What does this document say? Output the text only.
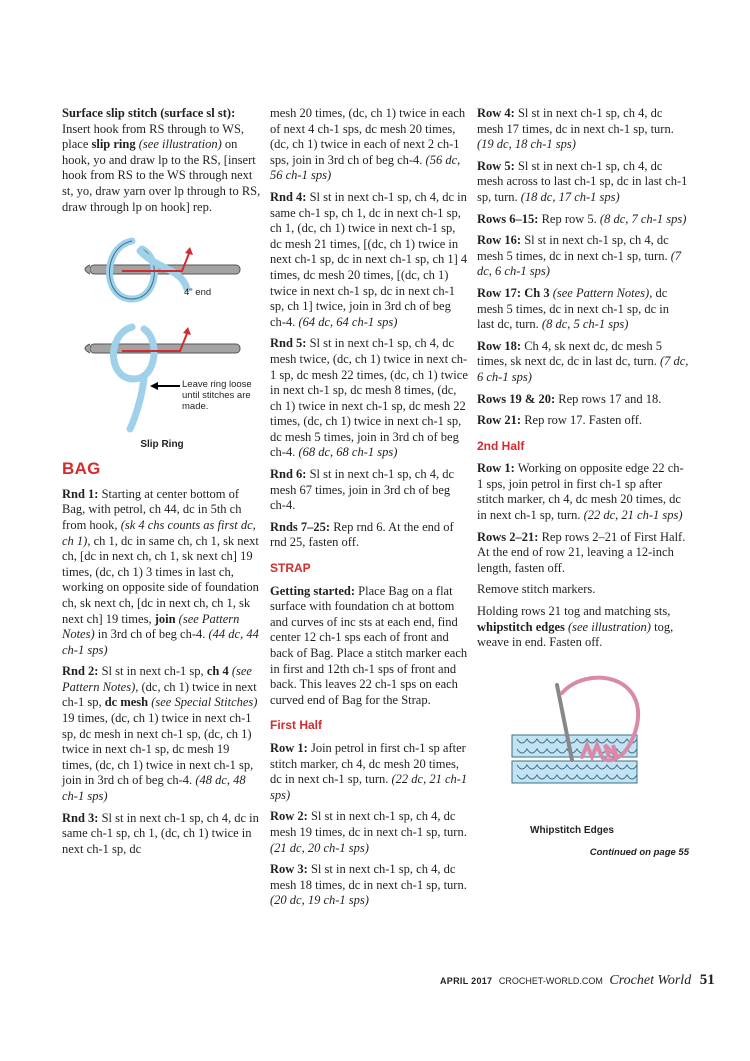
Surface slip stitch (surface sl st): Insert hook from RS through to WS, place slip ring (see illustration) on hook, yo and draw lp to the RS, [insert hook from RS to the WS through next st, yo, draw yarn over lp through to RS, draw through lp on hook] rep.

4" end
Leave ring loose until stitches are made.
Slip Ring
BAG

Rnd 1: Starting at center bottom of Bag, with petrol, ch 44, dc in 5th ch from hook, (sk 4 chs counts as first dc, ch 1), ch 1, dc in same ch, ch 1, sk next ch, [dc in next ch, ch 1, sk next ch] 19 times, (dc, ch 1) 3 times in last ch, working on opposite side of foundation ch, sk next ch, [dc in next ch, ch 1, sk next ch] 19 times, join (see Pattern Notes) in 3rd ch of beg ch-4. (44 dc, 44 ch-1 sps)

Rnd 2: Sl st in next ch-1 sp, ch 4 (see Pattern Notes), (dc, ch 1) twice in next ch-1 sp, dc mesh (see Special Stitches) 19 times, (dc, ch 1) twice in next ch-1 sp, dc mesh in next ch-1 sp, (dc, ch 1) twice in next ch-1 sp, dc mesh 19 times, (dc, ch 1) twice in next ch-1 sp, join in 3rd ch of beg ch-4. (48 dc, 48 ch-1 sps)

Rnd 3: Sl st in next ch-1 sp, ch 4, dc in same ch-1 sp, ch 1, (dc, ch 1) twice in next ch-1 sp, dc

mesh 20 times, (dc, ch 1) twice in each of next 4 ch-1 sps, dc mesh 20 times, (dc, ch 1) twice in each of next 2 ch-1 sps, join in 3rd ch of beg ch-4. (56 dc, 56 ch-1 sps)

Rnd 4: Sl st in next ch-1 sp, ch 4, dc in same ch-1 sp, ch 1, dc in next ch-1 sp, ch 1, (dc, ch 1) twice in next ch-1 sp, dc mesh 21 times, [(dc, ch 1) twice in next ch-1 sp, dc in next ch-1 sp, ch 1] 4 times, dc mesh 20 times, [(dc, ch 1) twice in next ch-1 sp, dc in next ch-1 sp, ch 1] twice, join in 3rd ch of beg ch-4. (64 dc, 64 ch-1 sps)

Rnd 5: Sl st in next ch-1 sp, ch 4, dc mesh twice, (dc, ch 1) twice in next ch-1 sp, dc mesh 22 times, (dc, ch 1) twice in next ch-1 sp, dc mesh 8 times, (dc, ch 1) twice in next ch-1 sp, dc mesh 22 times, (dc, ch 1) twice in next ch-1 sp, dc mesh 5 times, join in 3rd ch of beg ch-4. (68 dc, 68 ch-1 sps)

Rnd 6: Sl st in next ch-1 sp, ch 4, dc mesh 67 times, join in 3rd ch of beg ch-4.

Rnds 7–25: Rep rnd 6. At the end of rnd 25, fasten off.

STRAP

Getting started: Place Bag on a flat surface with foundation ch at bottom and curves of inc sts at each end, find center 12 ch-1 sps each of front and back of Bag. Place a stitch marker each in first and 12th ch-1 sps of front and back. This leaves 22 ch-1 sps on each curved end of Bag for the Strap.

First Half

Row 1: Join petrol in first ch-1 sp after stitch marker, ch 4, dc mesh 20 times, dc in next ch-1 sp, turn. (22 dc, 21 ch-1 sps)

Row 2: Sl st in next ch-1 sp, ch 4, dc mesh 19 times, dc in next ch-1 sp, turn. (21 dc, 20 ch-1 sps)

Row 3: Sl st in next ch-1 sp, ch 4, dc mesh 18 times, dc in next ch-1 sp, turn. (20 dc, 19 ch-1 sps)

Row 4: Sl st in next ch-1 sp, ch 4, dc mesh 17 times, dc in next ch-1 sp, turn. (19 dc, 18 ch-1 sps)

Row 5: Sl st in next ch-1 sp, ch 4, dc mesh across to last ch-1 sp, dc in last ch-1 sp, turn. (18 dc, 17 ch-1 sps)

Rows 6–15: Rep row 5. (8 dc, 7 ch-1 sps)

Row 16: Sl st in next ch-1 sp, ch 4, dc mesh 5 times, dc in next ch-1 sp, turn. (7 dc, 6 ch-1 sps)

Row 17: Ch 3 (see Pattern Notes), dc mesh 5 times, dc in next ch-1 sp, dc in last dc, turn. (8 dc, 5 ch-1 sps)

Row 18: Ch 4, sk next dc, dc mesh 5 times, sk next dc, dc in last dc, turn. (7 dc, 6 ch-1 sps)

Rows 19 & 20: Rep rows 17 and 18.

Row 21: Rep row 17. Fasten off.

2nd Half

Row 1: Working on opposite edge 22 ch-1 sps, join petrol in first ch-1 sp after stitch marker, ch 4, dc mesh 20 times, dc in next ch-1 sp, turn. (22 dc, 21 ch-1 sps)

Rows 2–21: Rep rows 2–21 of First Half. At the end of row 21, leaving a 12-inch length, fasten off.

Remove stitch markers.

Holding rows 21 tog and matching sts, whipstitch edges (see illustration) tog, weave in end. Fasten off.

Whipstitch Edges
Continued on page 55
APRIL 2017 CROCHET-WORLD.COM Crochet World 51
